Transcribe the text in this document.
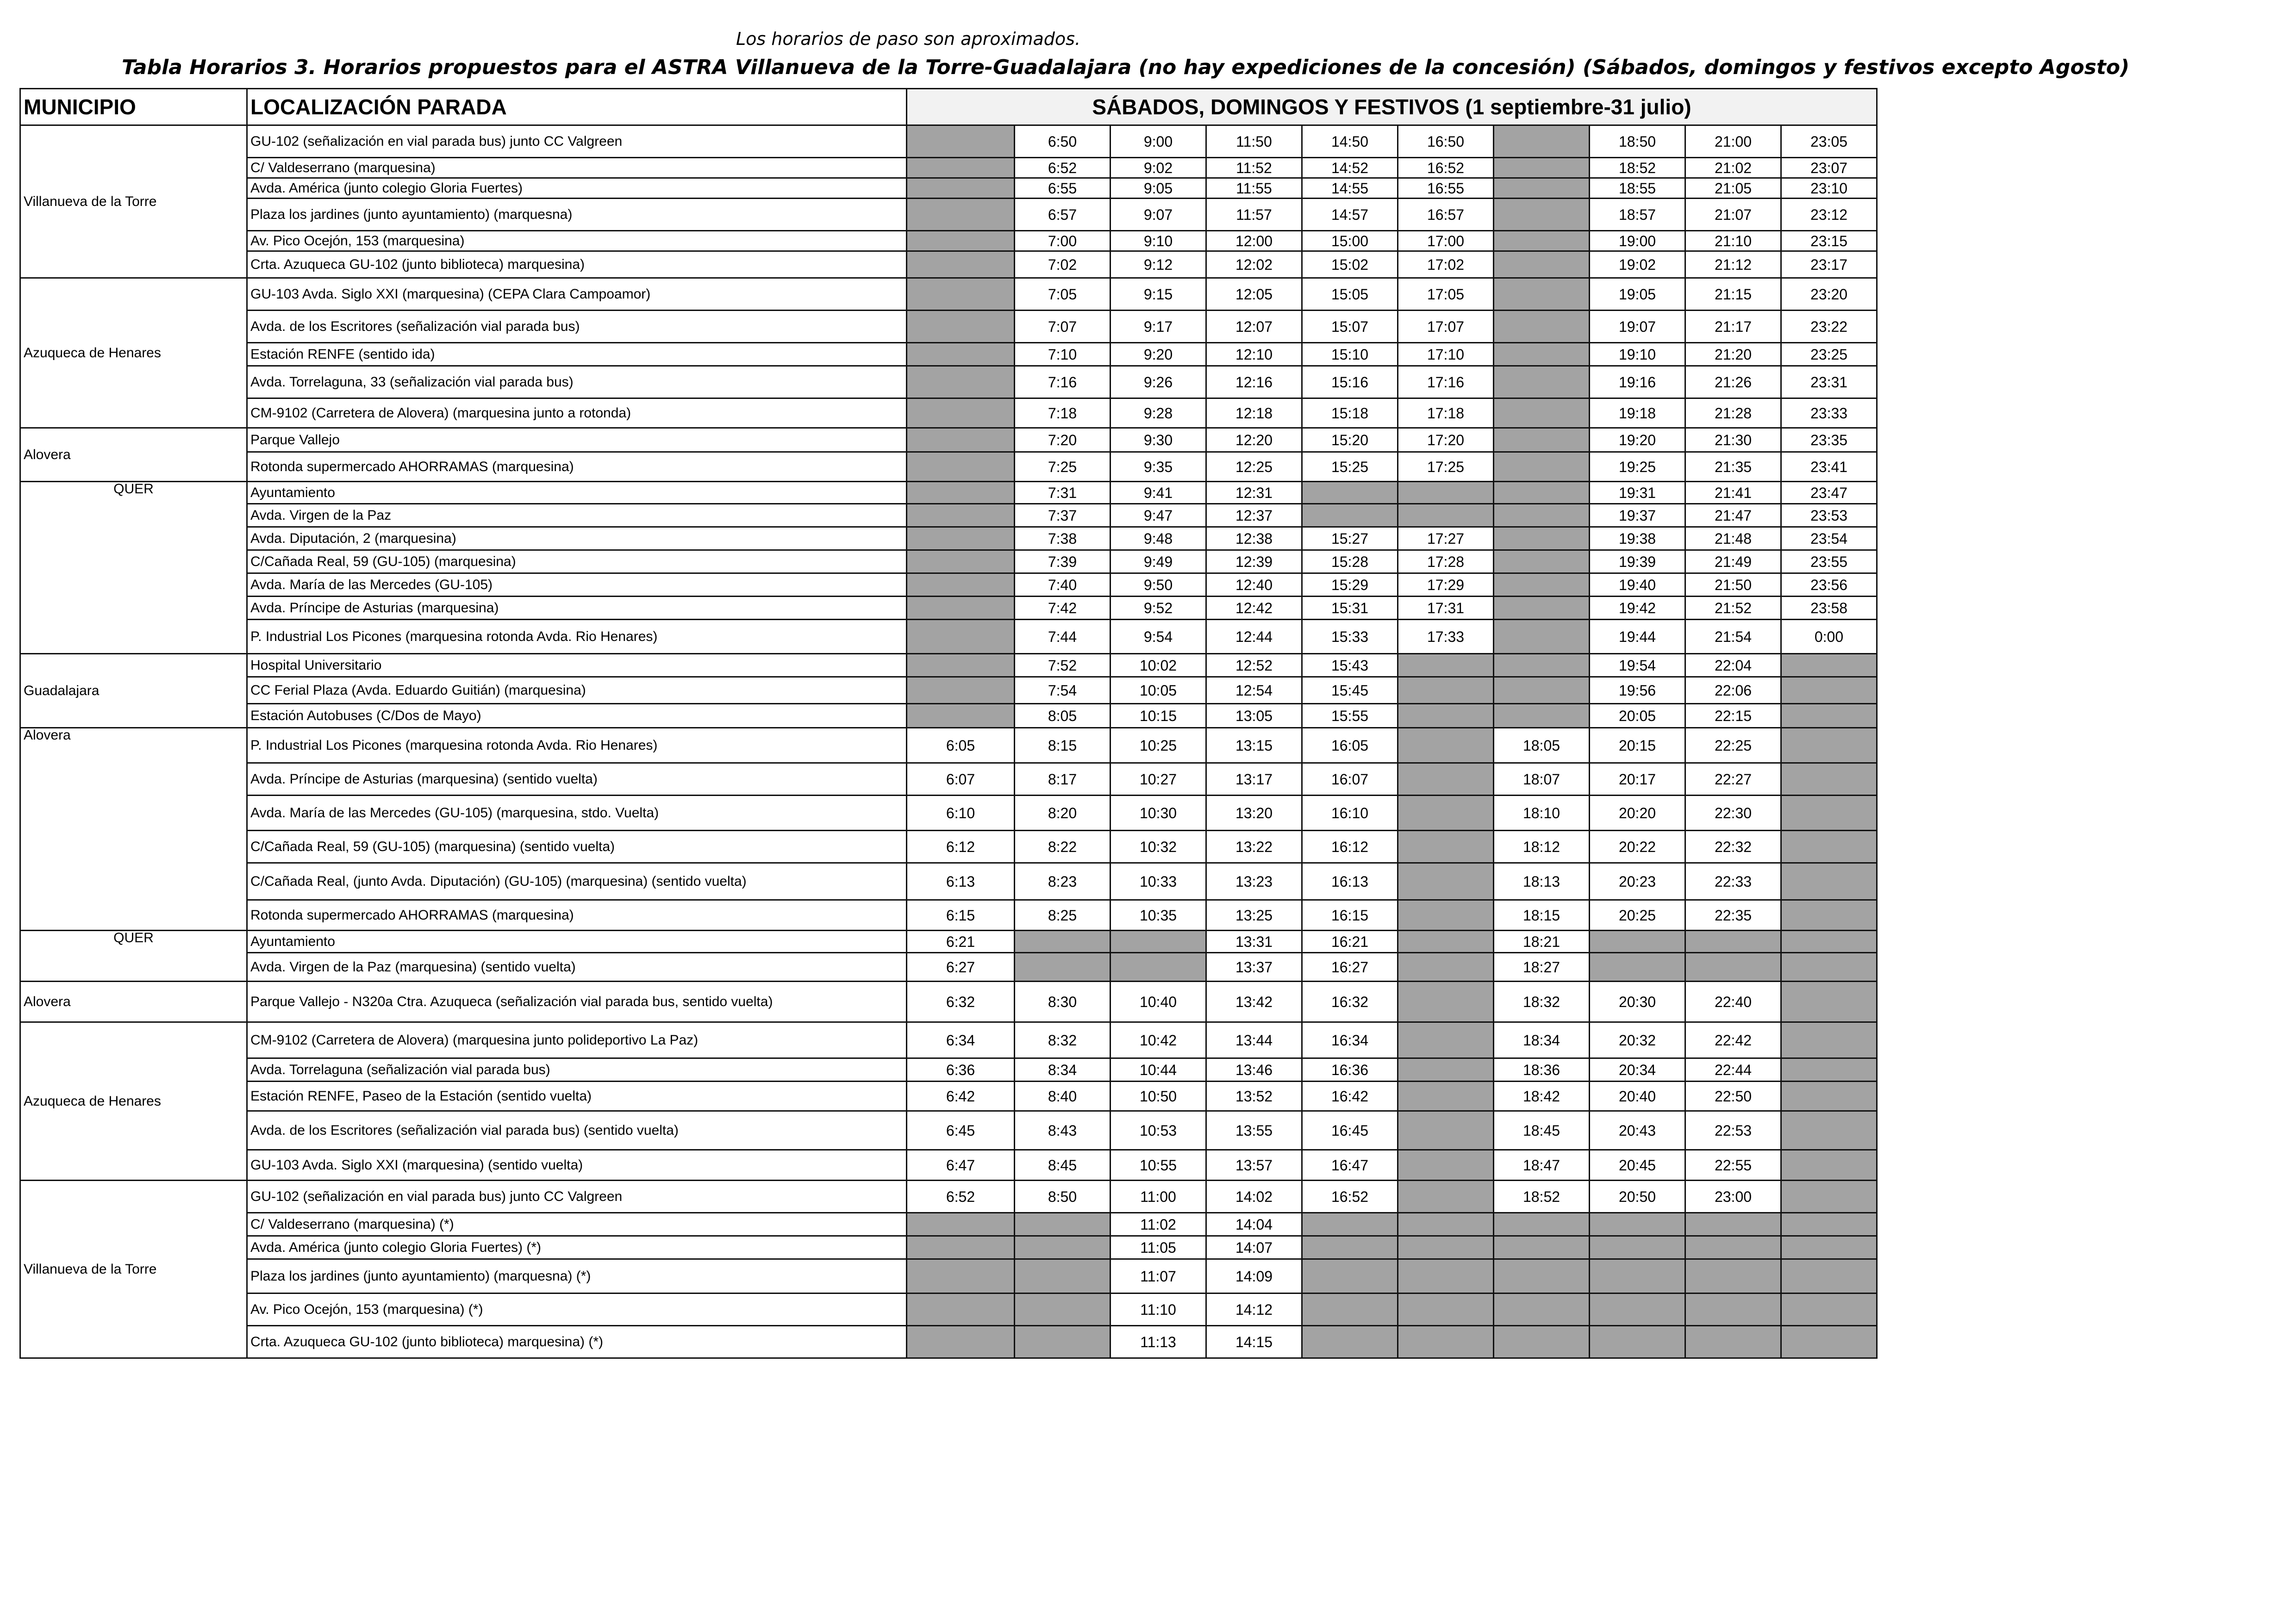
Los horarios de paso son aproximados.
Tabla Horarios 3. Horarios propuestos para el ASTRA Villanueva de la Torre-Guadalajara (no hay expediciones de la concesión) (Sábados, domingos y festivos excepto Agosto)
MUNICIPIO	LOCALIZACIÓN PARADA	SÁBADOS, DOMINGOS Y FESTIVOS (1 septiembre-31 julio)									
Villanueva de la Torre	GU-102 (señalización en vial parada bus) junto CC Valgreen		6:50	9:00	11:50	14:50	16:50		18:50	21:00	23:05
	C/ Valdeserrano (marquesina)		6:52	9:02	11:52	14:52	16:52		18:52	21:02	23:07
	Avda. América (junto colegio Gloria Fuertes)		6:55	9:05	11:55	14:55	16:55		18:55	21:05	23:10
	Plaza los jardines (junto ayuntamiento) (marquesna)		6:57	9:07	11:57	14:57	16:57		18:57	21:07	23:12
	Av. Pico Ocejón, 153 (marquesina)		7:00	9:10	12:00	15:00	17:00		19:00	21:10	23:15
	Crta. Azuqueca GU-102 (junto biblioteca) marquesina)		7:02	9:12	12:02	15:02	17:02		19:02	21:12	23:17
Azuqueca de Henares	GU-103 Avda. Siglo XXI (marquesina) (CEPA Clara Campoamor)		7:05	9:15	12:05	15:05	17:05		19:05	21:15	23:20
	Avda. de los Escritores (señalización vial parada bus)		7:07	9:17	12:07	15:07	17:07		19:07	21:17	23:22
	Estación RENFE (sentido ida)		7:10	9:20	12:10	15:10	17:10		19:10	21:20	23:25
	Avda. Torrelaguna, 33 (señalización vial parada bus)		7:16	9:26	12:16	15:16	17:16		19:16	21:26	23:31
	CM-9102 (Carretera de Alovera) (marquesina junto a rotonda)		7:18	9:28	12:18	15:18	17:18		19:18	21:28	23:33
Alovera	Parque Vallejo		7:20	9:30	12:20	15:20	17:20		19:20	21:30	23:35
	Rotonda supermercado AHORRAMAS (marquesina)		7:25	9:35	12:25	15:25	17:25		19:25	21:35	23:41
QUER	Ayuntamiento		7:31	9:41	12:31				19:31	21:41	23:47
	Avda. Virgen de la Paz		7:37	9:47	12:37				19:37	21:47	23:53
	Avda. Diputación, 2 (marquesina)		7:38	9:48	12:38	15:27	17:27		19:38	21:48	23:54
	C/Cañada Real, 59 (GU-105) (marquesina)		7:39	9:49	12:39	15:28	17:28		19:39	21:49	23:55
	Avda. María de las Mercedes (GU-105)		7:40	9:50	12:40	15:29	17:29		19:40	21:50	23:56
	Avda. Príncipe de Asturias (marquesina)		7:42	9:52	12:42	15:31	17:31		19:42	21:52	23:58
	P. Industrial Los Picones (marquesina rotonda Avda. Rio Henares)		7:44	9:54	12:44	15:33	17:33		19:44	21:54	0:00
Guadalajara	Hospital Universitario		7:52	10:02	12:52	15:43			19:54	22:04	
	CC Ferial Plaza (Avda. Eduardo Guitián) (marquesina)		7:54	10:05	12:54	15:45			19:56	22:06	
	Estación Autobuses (C/Dos de Mayo)		8:05	10:15	13:05	15:55			20:05	22:15	
Alovera	P. Industrial Los Picones (marquesina rotonda Avda. Rio Henares)	6:05	8:15	10:25	13:15	16:05		18:05	20:15	22:25	
	Avda. Príncipe de Asturias (marquesina) (sentido vuelta)	6:07	8:17	10:27	13:17	16:07		18:07	20:17	22:27	
	Avda. María de las Mercedes (GU-105) (marquesina, stdo. Vuelta)	6:10	8:20	10:30	13:20	16:10		18:10	20:20	22:30	
	C/Cañada Real, 59 (GU-105) (marquesina) (sentido vuelta)	6:12	8:22	10:32	13:22	16:12		18:12	20:22	22:32	
	C/Cañada Real, (junto Avda. Diputación) (GU-105) (marquesina) (sentido vuelta)	6:13	8:23	10:33	13:23	16:13		18:13	20:23	22:33	
	Rotonda supermercado AHORRAMAS (marquesina)	6:15	8:25	10:35	13:25	16:15		18:15	20:25	22:35	
QUER	Ayuntamiento	6:21			13:31	16:21		18:21			
	Avda. Virgen de la Paz (marquesina) (sentido vuelta)	6:27			13:37	16:27		18:27			
Alovera	Parque Vallejo - N320a Ctra. Azuqueca (señalización vial parada bus, sentido vuelta)	6:32	8:30	10:40	13:42	16:32		18:32	20:30	22:40	
Azuqueca de Henares	CM-9102 (Carretera de Alovera) (marquesina junto polideportivo La Paz)	6:34	8:32	10:42	13:44	16:34		18:34	20:32	22:42	
	Avda. Torrelaguna (señalización vial parada bus)	6:36	8:34	10:44	13:46	16:36		18:36	20:34	22:44	
	Estación RENFE, Paseo de la Estación (sentido vuelta)	6:42	8:40	10:50	13:52	16:42		18:42	20:40	22:50	
	Avda. de los Escritores (señalización vial parada bus) (sentido vuelta)	6:45	8:43	10:53	13:55	16:45		18:45	20:43	22:53	
	GU-103 Avda. Siglo XXI (marquesina) (sentido vuelta)	6:47	8:45	10:55	13:57	16:47		18:47	20:45	22:55	
Villanueva de la Torre	GU-102 (señalización en vial parada bus) junto CC Valgreen	6:52	8:50	11:00	14:02	16:52		18:52	20:50	23:00	
	C/ Valdeserrano (marquesina) (*)			11:02	14:04						
	Avda. América (junto colegio Gloria Fuertes) (*)			11:05	14:07						
	Plaza los jardines (junto ayuntamiento) (marquesna) (*)			11:07	14:09						
	Av. Pico Ocejón, 153 (marquesina) (*)			11:10	14:12						
	Crta. Azuqueca GU-102 (junto biblioteca) marquesina) (*)			11:13	14:15						
